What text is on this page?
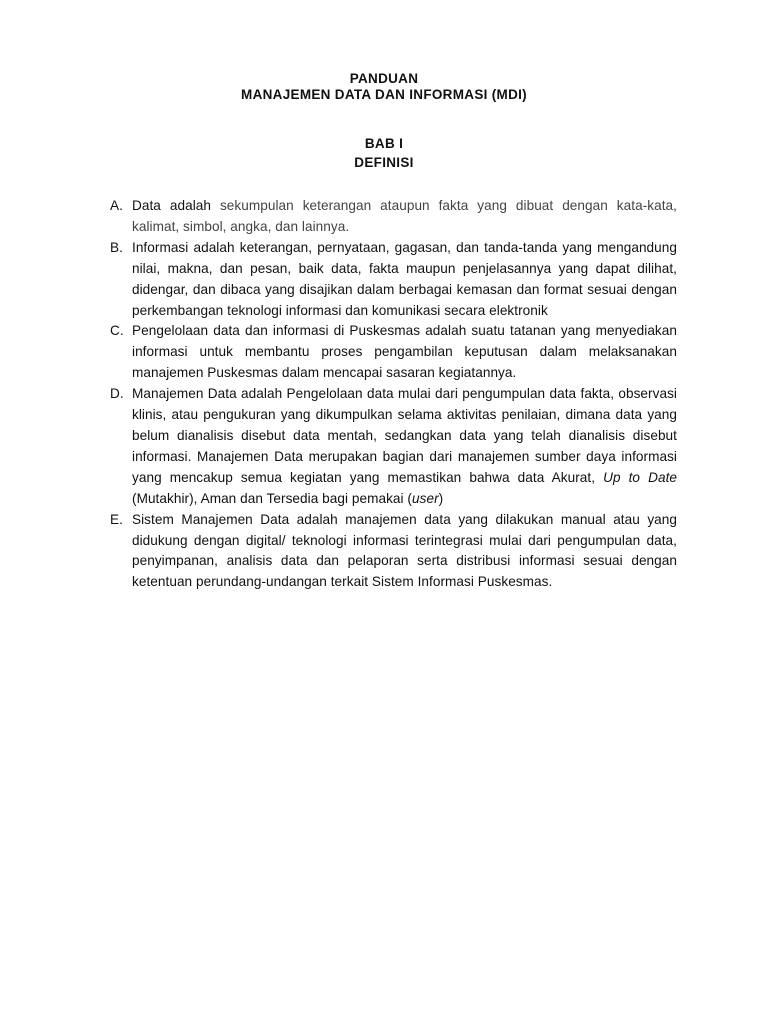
PANDUAN
MANAJEMEN DATA DAN INFORMASI (MDI)
BAB I
DEFINISI
A. Data adalah sekumpulan keterangan ataupun fakta yang dibuat dengan kata-kata, kalimat, simbol, angka, dan lainnya.
B. Informasi adalah keterangan, pernyataan, gagasan, dan tanda-tanda yang mengandung nilai, makna, dan pesan, baik data, fakta maupun penjelasannya yang dapat dilihat, didengar, dan dibaca yang disajikan dalam berbagai kemasan dan format sesuai dengan perkembangan teknologi informasi dan komunikasi secara elektronik
C. Pengelolaan data dan informasi di Puskesmas adalah suatu tatanan yang menyediakan informasi untuk membantu proses pengambilan keputusan dalam melaksanakan manajemen Puskesmas dalam mencapai sasaran kegiatannya.
D. Manajemen Data adalah Pengelolaan data mulai dari pengumpulan data fakta, observasi klinis, atau pengukuran yang dikumpulkan selama aktivitas penilaian, dimana data yang belum dianalisis disebut data mentah, sedangkan data yang telah dianalisis disebut informasi. Manajemen Data merupakan bagian dari manajemen sumber daya informasi yang mencakup semua kegiatan yang memastikan bahwa data Akurat, Up to Date (Mutakhir), Aman dan Tersedia bagi pemakai (user)
E. Sistem Manajemen Data adalah manajemen data yang dilakukan manual atau yang didukung dengan digital/ teknologi informasi terintegrasi mulai dari pengumpulan data, penyimpanan, analisis data dan pelaporan serta distribusi informasi sesuai dengan ketentuan perundang-undangan terkait Sistem Informasi Puskesmas.
